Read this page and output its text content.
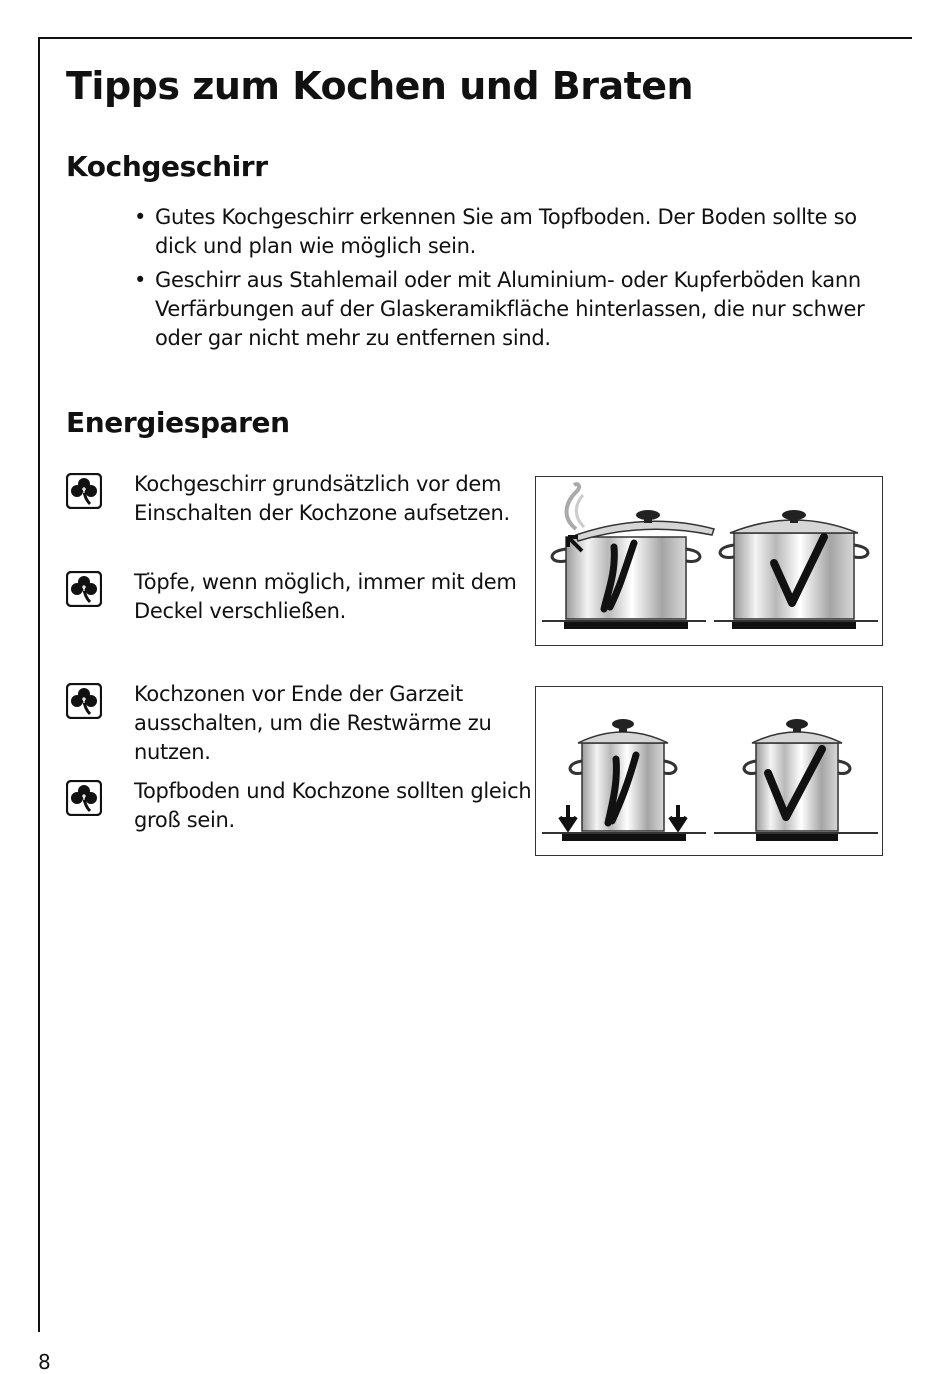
Tipps zum Kochen und Braten
Kochgeschirr
• Gutes Kochgeschirr erkennen Sie am Topfboden. Der Boden sollte so dick und plan wie möglich sein.
• Geschirr aus Stahlemail oder mit Aluminium- oder Kupferböden kann Verfärbungen auf der Glaskeramikfläche hinterlassen, die nur schwer oder gar nicht mehr zu entfernen sind.
Energiesparen
Kochgeschirr grundsätzlich vor dem Einschalten der Kochzone aufsetzen.
Töpfe, wenn möglich, immer mit dem Deckel verschließen.
Kochzonen vor Ende der Garzeit ausschalten, um die Restwärme zu nutzen.
Topfboden und Kochzone sollten gleich groß sein.
8
